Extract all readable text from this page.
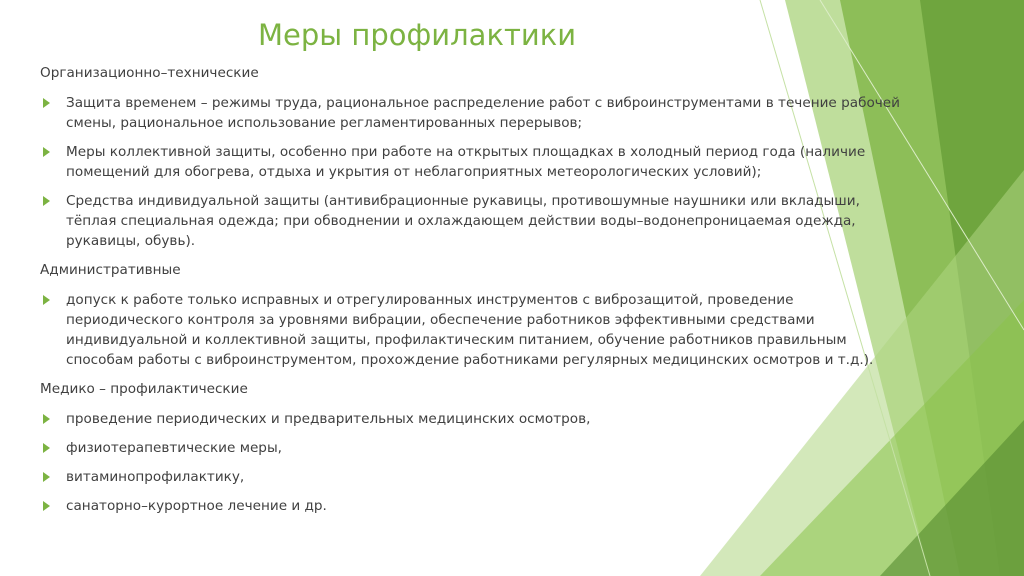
Меры профилактики
Организационно–технические
Защита временем – режимы труда, рациональное распределение работ с виброинструментами в течение рабочей смены, рациональное использование регламентированных перерывов;
Меры коллективной защиты, особенно при работе на открытых площадках в холодный период года (наличие помещений для обогрева, отдыха и укрытия от неблагоприятных метеорологических условий);
Средства индивидуальной защиты (антивибрационные рукавицы, противошумные наушники или вкладыши, тёплая специальная одежда; при обводнении и охлаждающем действии воды–водонепроницаемая одежда, рукавицы, обувь).
Административные
допуск к работе только исправных и отрегулированных инструментов с виброзащитой, проведение периодического контроля за уровнями вибрации, обеспечение работников эффективными средствами индивидуальной и коллективной защиты, профилактическим питанием, обучение работников правильным способам работы с виброинструментом, прохождение работниками регулярных медицинских осмотров и т.д.).
Медико – профилактические
проведение периодических и предварительных медицинских осмотров,
физиотерапевтические меры,
витаминопрофилактику,
санаторно–курортное лечение и др.
